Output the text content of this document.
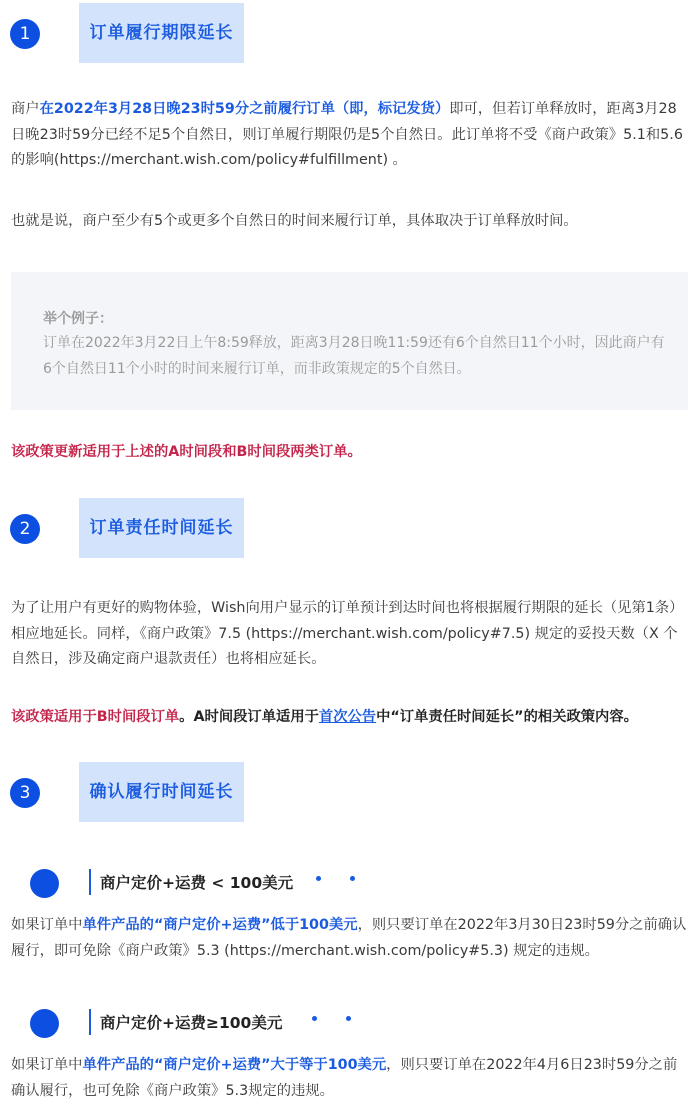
1	订单履行期限延长

商户在2022年3月28日晚23时59分之前履行订单（即，标记发货）即可，但若订单释放时，距离3月28日晚23时59分已经不足5个自然日，则订单履行期限仍是5个自然日。此订单将不受《商户政策》5.1和5.6的影响(https://merchant.wish.com/policy#fulfillment) 。

也就是说，商户至少有5个或更多个自然日的时间来履行订单，具体取决于订单释放时间。

举个例子：
订单在2022年3月22日上午8:59释放，距离3月28日晚11:59还有6个自然日11个小时，因此商户有6个自然日11个小时的时间来履行订单，而非政策规定的5个自然日。

该政策更新适用于上述的A时间段和B时间段两类订单。

2	订单责任时间延长

为了让用户有更好的购物体验，Wish向用户显示的订单预计到达时间也将根据履行期限的延长（见第1条）相应地延长。同样，《商户政策》7.5 (https://merchant.wish.com/policy#7.5) 规定的妥投天数（X 个自然日，涉及确定商户退款责任）也将相应延长。

该政策适用于B时间段订单。A时间段订单适用于首次公告中“订单责任时间延长”的相关政策内容。

3	确认履行时间延长
商户定价+运费 < 100美元

如果订单中单件产品的“商户定价+运费”低于100美元，则只要订单在2022年3月30日23时59分之前确认履行，即可免除《商户政策》5.3 (https://merchant.wish.com/policy#5.3) 规定的违规。

商户定价+运费≥100美元

如果订单中单件产品的“商户定价+运费”大于等于100美元，则只要订单在2022年4月6日23时59分之前确认履行，也可免除《商户政策》5.3规定的违规。
